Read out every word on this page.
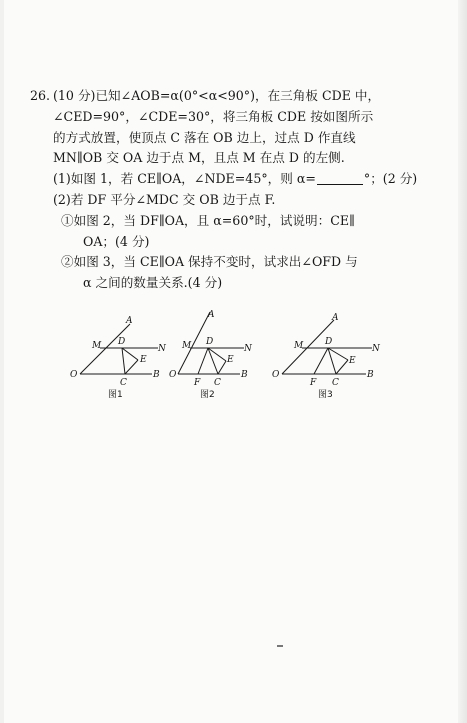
26. (10 分)已知∠AOB=α(0°<α<90°)，在三角板 CDE 中，
∠CED=90°，∠CDE=30°，将三角板 CDE 按如图所示
的方式放置，使顶点 C 落在 OB 边上，过点 D 作直线
MN∥OB 交 OA 边于点 M，且点 M 在点 D 的左侧.
(1)如图 1，若 CE∥OA，∠NDE=45°，则 α=	°；(2 分)
(2)若 DF 平分∠MDC 交 OB 边于点 F.
①如图 2，当 DF∥OA，且 α=60°时，试说明：CE∥
OA；(4 分)
②如图 3，当 CE∥OA 保持不变时，试求出∠OFD 与
α 之间的数量关系.(4 分)
A
M D
N
E
O
C
B
图1
A
M D
N
E
O
F C
B
图2
A
M D
N
E
O
F C
B
图3
